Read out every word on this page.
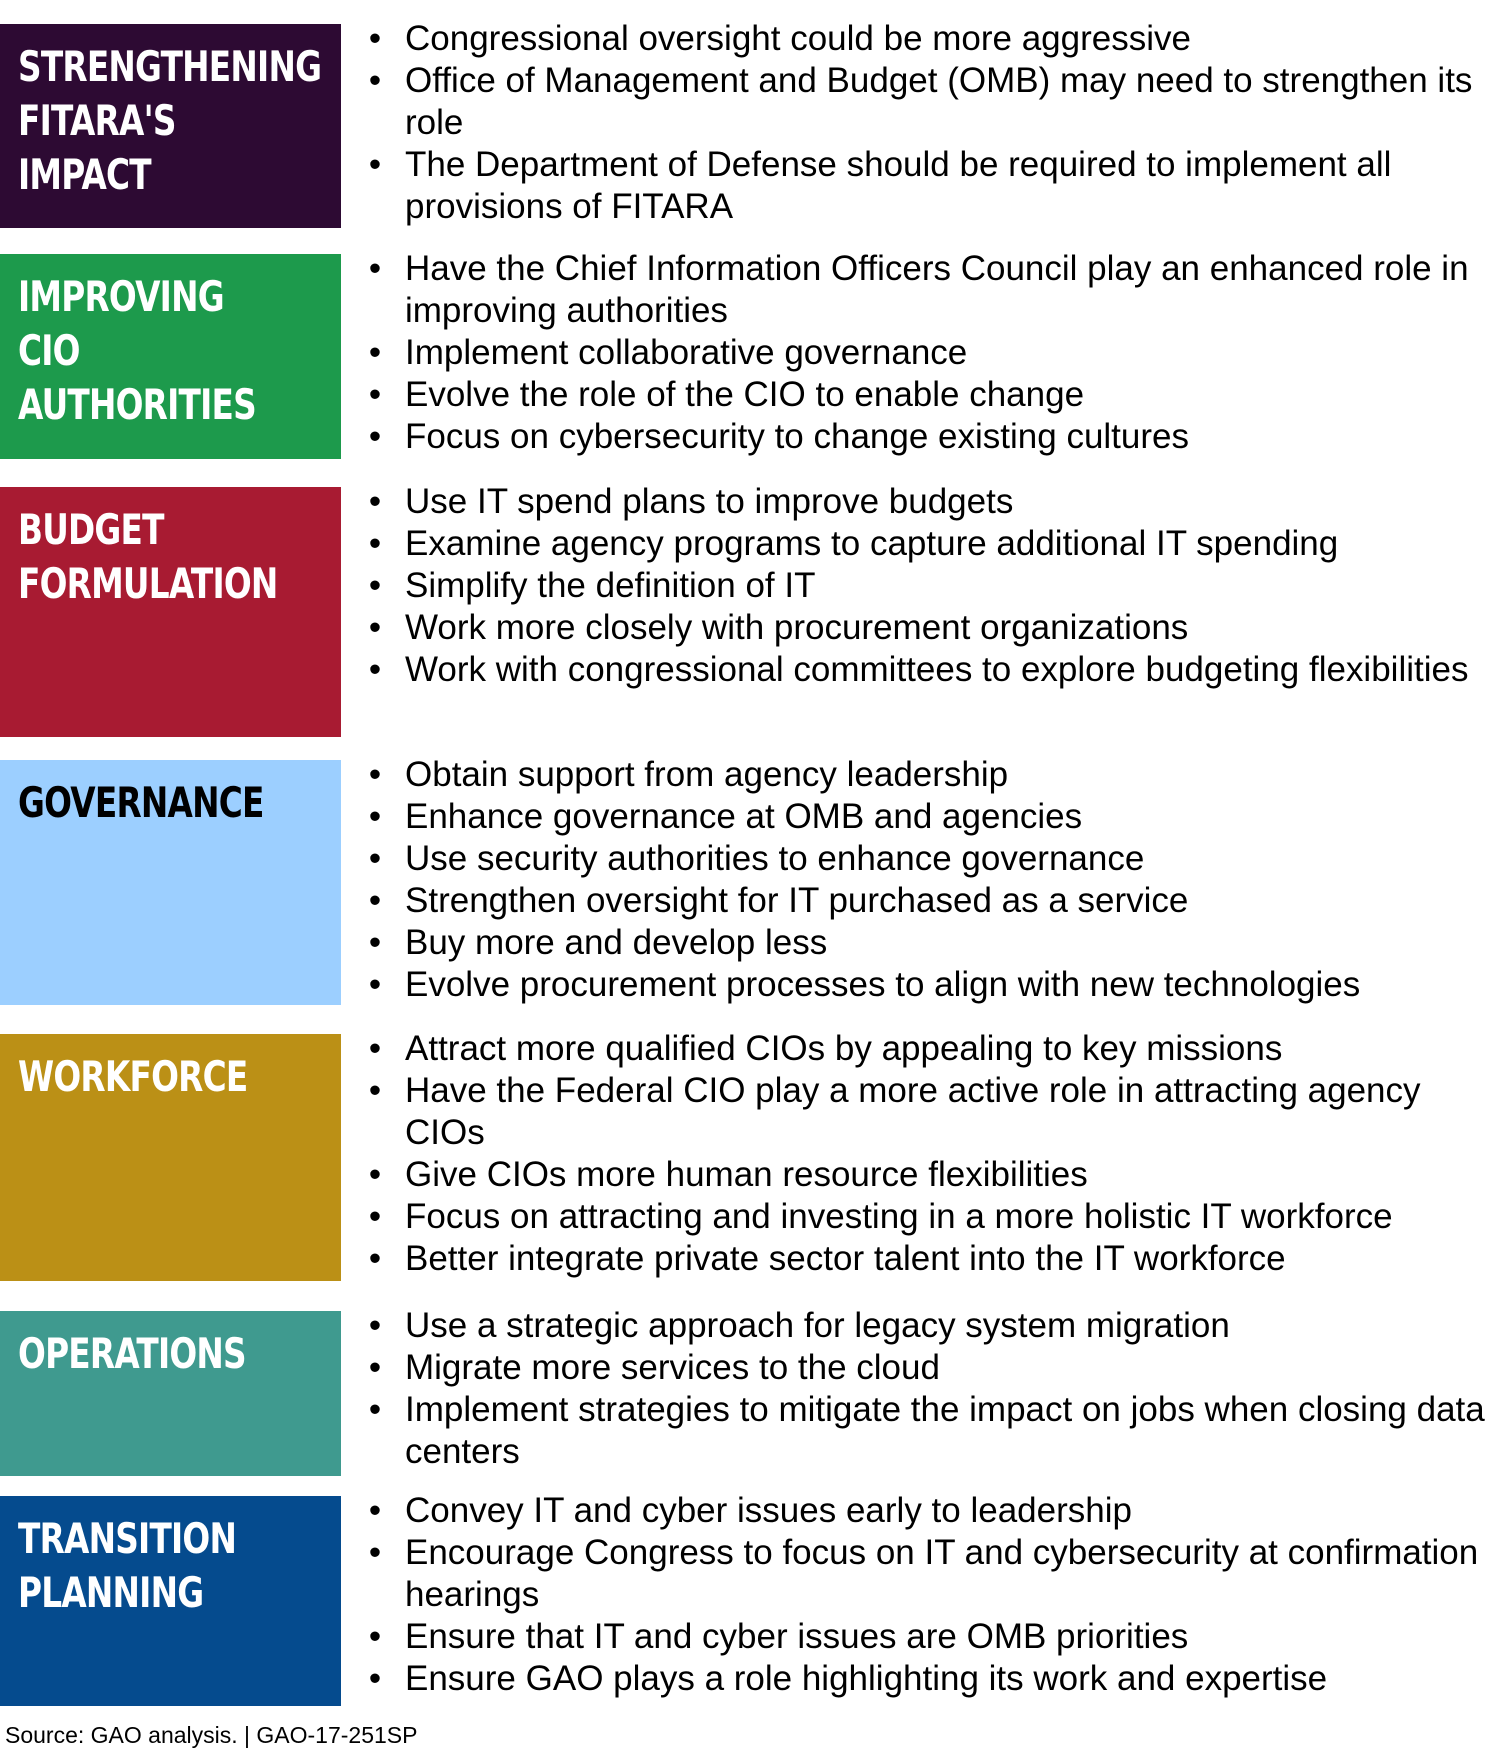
STRENGTHENING
FITARA'S IMPACT
• Congressional oversight could be more aggressive
• Office of Management and Budget (OMB) may need to strengthen its role
• The Department of Defense should be required to implement all provisions of FITARA
IMPROVING CIO
AUTHORITIES
• Have the Chief Information Officers Council play an enhanced role in improving authorities
• Implement collaborative governance
• Evolve the role of the CIO to enable change
• Focus on cybersecurity to change existing cultures
BUDGET
FORMULATION
• Use IT spend plans to improve budgets
• Examine agency programs to capture additional IT spending
• Simplify the definition of IT
• Work more closely with procurement organizations
• Work with congressional committees to explore budgeting flexibilities
GOVERNANCE
• Obtain support from agency leadership
• Enhance governance at OMB and agencies
• Use security authorities to enhance governance
• Strengthen oversight for IT purchased as a service
• Buy more and develop less
• Evolve procurement processes to align with new technologies
WORKFORCE
• Attract more qualified CIOs by appealing to key missions
• Have the Federal CIO play a more active role in attracting agency CIOs
• Give CIOs more human resource flexibilities
• Focus on attracting and investing in a more holistic IT workforce
• Better integrate private sector talent into the IT workforce
OPERATIONS
• Use a strategic approach for legacy system migration
• Migrate more services to the cloud
• Implement strategies to mitigate the impact on jobs when closing data centers
TRANSITION
PLANNING
• Convey IT and cyber issues early to leadership
• Encourage Congress to focus on IT and cybersecurity at confirmation hearings
• Ensure that IT and cyber issues are OMB priorities
• Ensure GAO plays a role highlighting its work and expertise
Source: GAO analysis. | GAO-17-251SP
